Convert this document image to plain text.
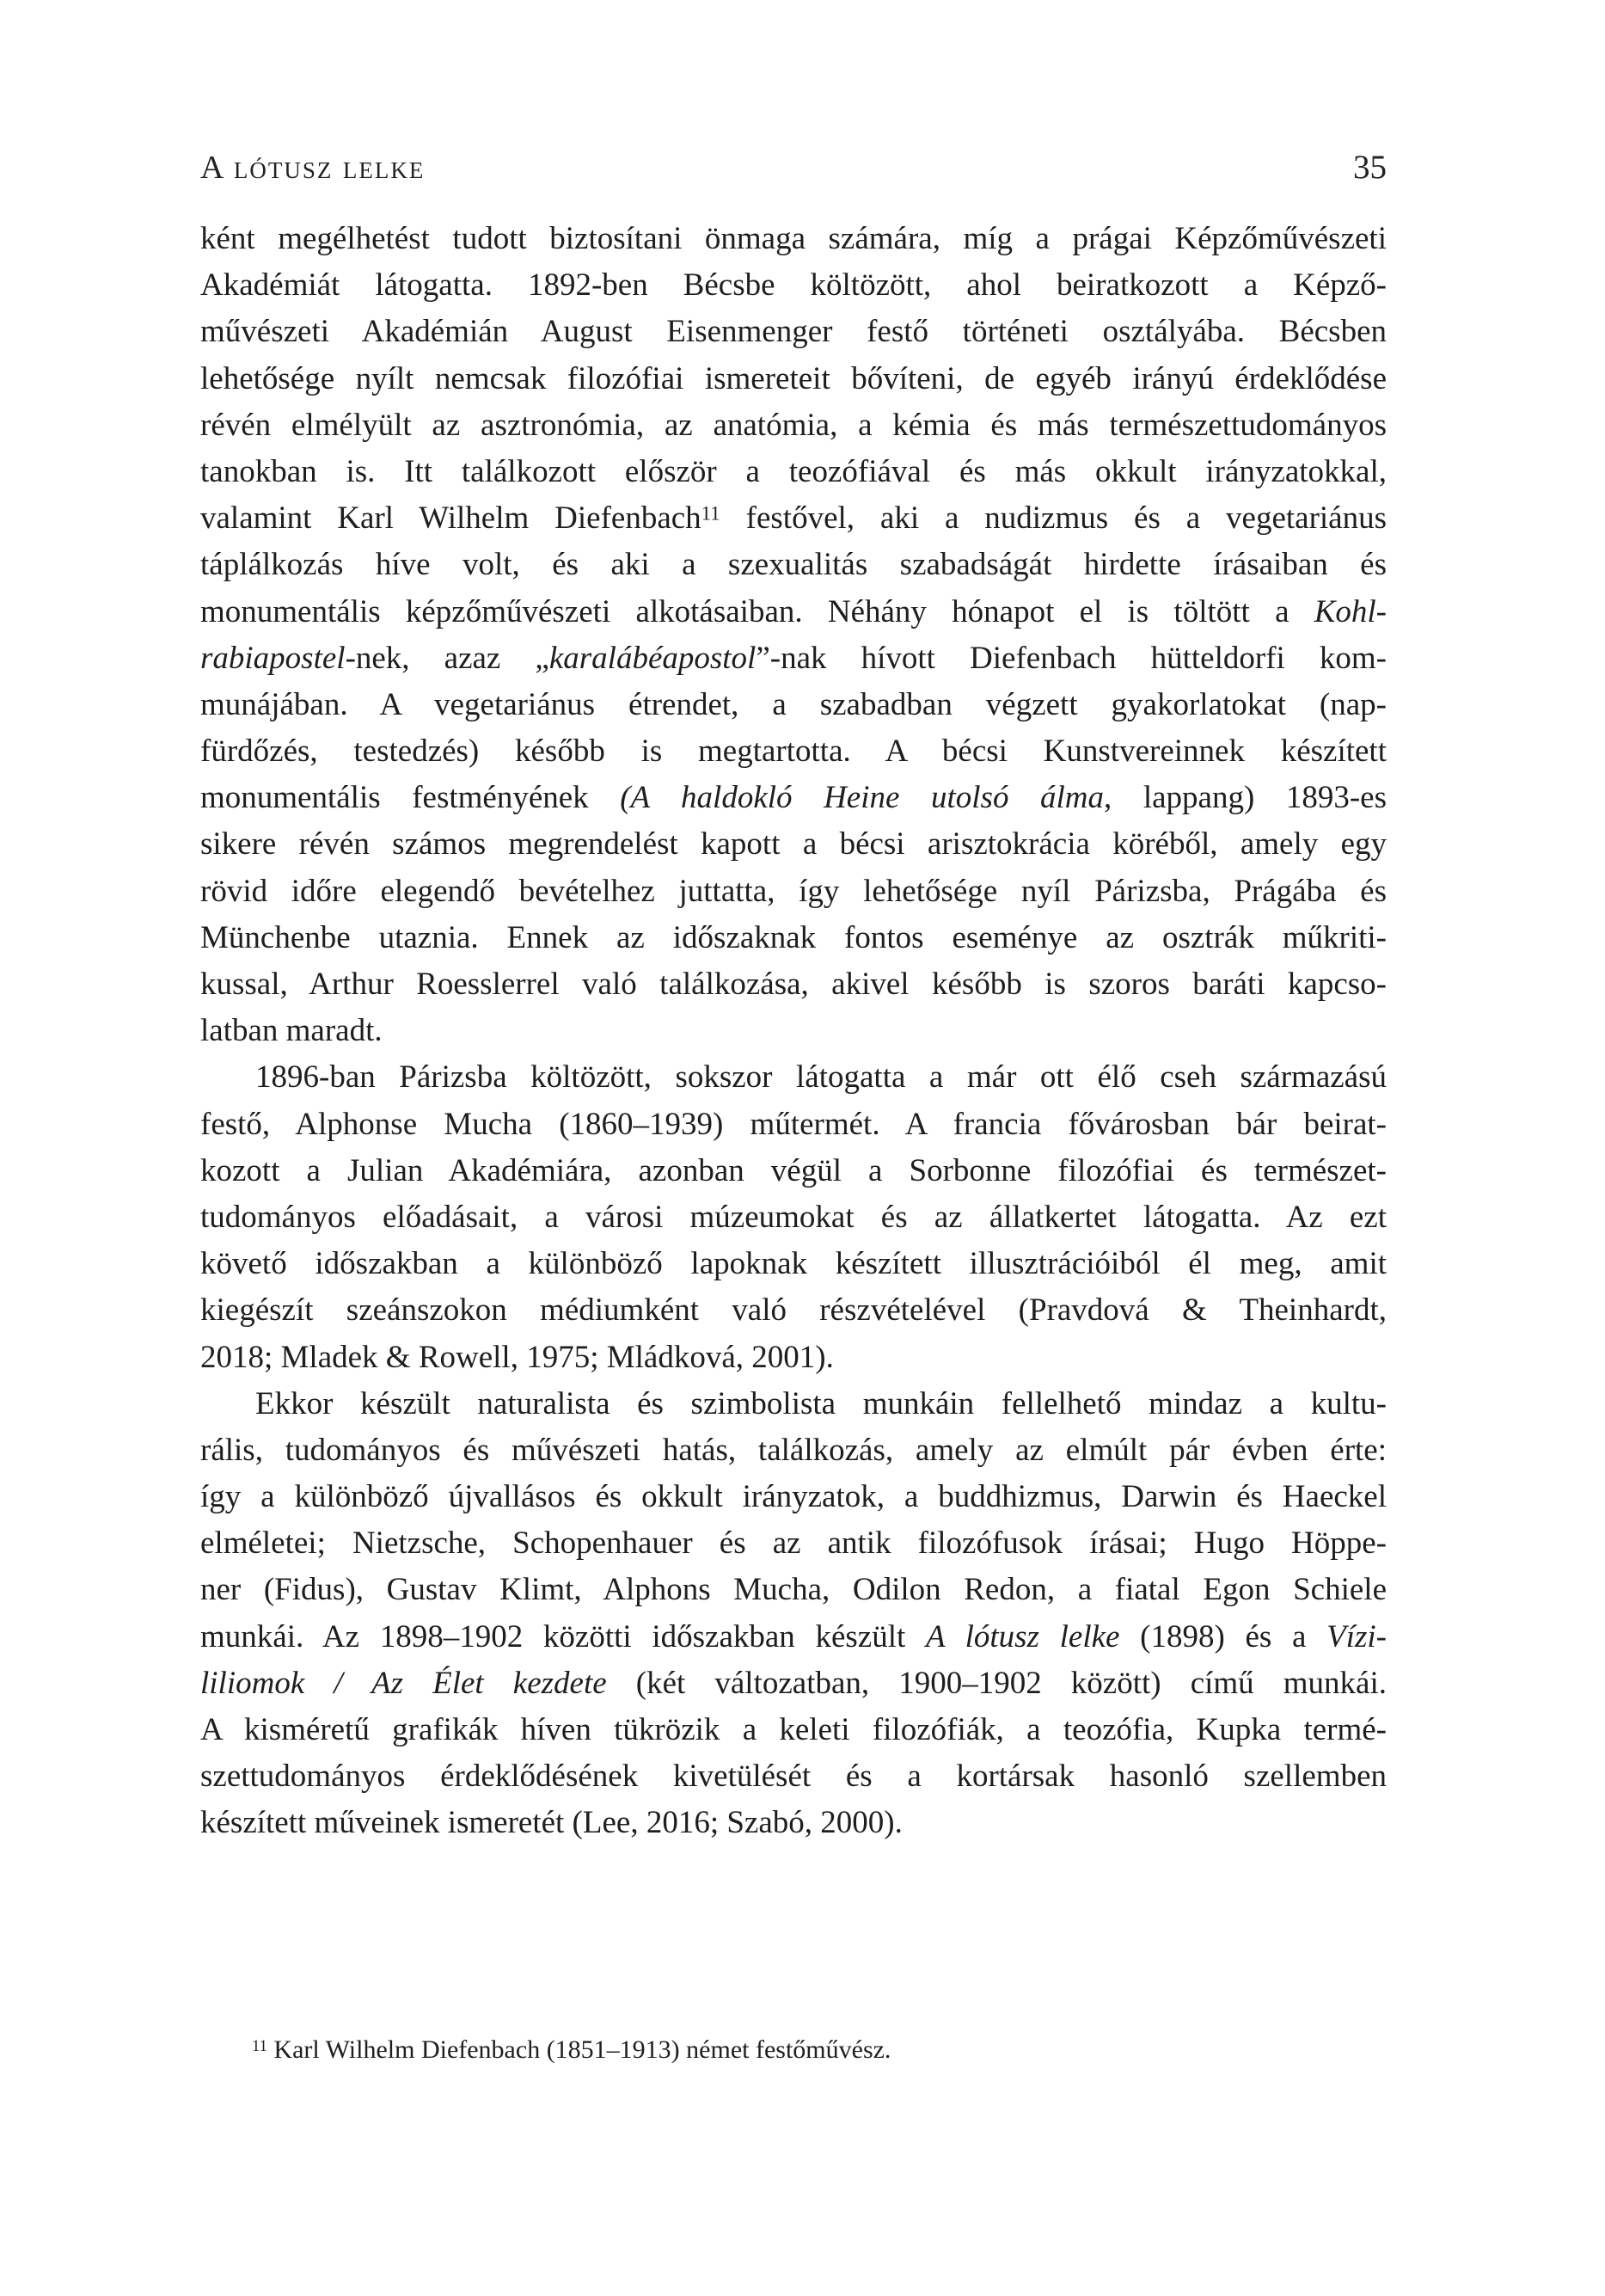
A lótusz lelke	35
ként megélhetést tudott biztosítani önmaga számára, míg a prágai Képzőművészeti
Akadémiát látogatta. 1892-ben Bécsbe költözött, ahol beiratkozott a Képző-
művészeti Akadémián August Eisenmenger festő történeti osztályába. Bécsben
lehetősége nyílt nemcsak filozófiai ismereteit bővíteni, de egyéb irányú érdeklődése
révén elmélyült az asztronómia, az anatómia, a kémia és más természettudományos
tanokban is. Itt találkozott először a teozófiával és más okkult irányzatokkal,
valamint Karl Wilhelm Diefenbach$^{11}$ festővel, aki a nudizmus és a vegetariánus
táplálkozás híve volt, és aki a szexualitás szabadságát hirdette írásaiban és
monumentális képzőművészeti alkotásaiban. Néhány hónapot el is töltött a Kohl-
rabiapostel-nek, azaz „karalábéapostol”-nak hívott Diefenbach hütteldorfi kom-
munájában. A vegetariánus étrendet, a szabadban végzett gyakorlatokat (nap-
fürdőzés, testedzés) később is megtartotta. A bécsi Kunstvereinnek készített
monumentális festményének (A haldokló Heine utolsó álma, lappang) 1893-es
sikere révén számos megrendelést kapott a bécsi arisztokrácia köréből, amely egy
rövid időre elegendő bevételhez juttatta, így lehetősége nyíl Párizsba, Prágába és
Münchenbe utaznia. Ennek az időszaknak fontos eseménye az osztrák műkriti-
kussal, Arthur Roesslerrel való találkozása, akivel később is szoros baráti kapcso-
latban maradt.
1896-ban Párizsba költözött, sokszor látogatta a már ott élő cseh származású
festő, Alphonse Mucha (1860–1939) műtermét. A francia fővárosban bár beirat-
kozott a Julian Akadémiára, azonban végül a Sorbonne filozófiai és természet-
tudományos előadásait, a városi múzeumokat és az állatkertet látogatta. Az ezt
követő időszakban a különböző lapoknak készített illusztrációiból él meg, amit
kiegészít szeánszokon médiumként való részvételével (Pravdová & Theinhardt,
2018; Mladek & Rowell, 1975; Mládková, 2001).
Ekkor készült naturalista és szimbolista munkáin fellelhető mindaz a kultu-
rális, tudományos és művészeti hatás, találkozás, amely az elmúlt pár évben érte:
így a különböző újvallásos és okkult irányzatok, a buddhizmus, Darwin és Haeckel
elméletei; Nietzsche, Schopenhauer és az antik filozófusok írásai; Hugo Höppe-
ner (Fidus), Gustav Klimt, Alphons Mucha, Odilon Redon, a fiatal Egon Schiele
munkái. Az 1898–1902 közötti időszakban készült A lótusz lelke (1898) és a Vízi-
liliomok / Az Élet kezdete (két változatban, 1900–1902 között) című munkái.
A kisméretű grafikák híven tükrözik a keleti filozófiák, a teozófia, Kupka termé-
szettudományos érdeklődésének kivetülését és a kortársak hasonló szellemben
készített műveinek ismeretét (Lee, 2016; Szabó, 2000).
$^{11}$ Karl Wilhelm Diefenbach (1851–1913) német festőművész.
